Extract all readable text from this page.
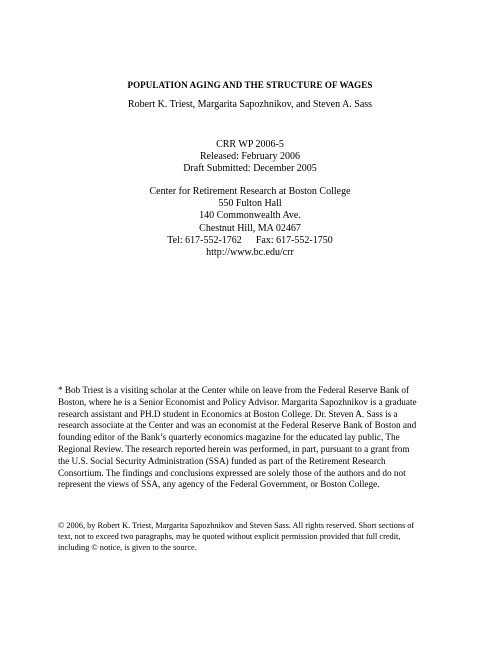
POPULATION AGING AND THE STRUCTURE OF WAGES
Robert K. Triest, Margarita Sapozhnikov, and Steven A. Sass
CRR WP 2006-5
Released: February 2006
Draft Submitted: December 2005
Center for Retirement Research at Boston College
550 Fulton Hall
140 Commonwealth Ave.
Chestnut Hill, MA 02467
Tel: 617-552-1762 Fax: 617-552-1750
http://www.bc.edu/crr
* Bob Triest is a visiting scholar at the Center while on leave from the Federal Reserve Bank of
Boston, where he is a Senior Economist and Policy Advisor. Margarita Sapozhnikov is a graduate
research assistant and PH.D student in Economics at Boston College. Dr. Steven A. Sass is a
research associate at the Center and was an economist at the Federal Reserve Bank of Boston and
founding editor of the Bank’s quarterly economics magazine for the educated lay public, The
Regional Review. The research reported herein was performed, in part, pursuant to a grant from
the U.S. Social Security Administration (SSA) funded as part of the Retirement Research
Consortium. The findings and conclusions expressed are solely those of the authors and do not
represent the views of SSA, any agency of the Federal Government, or Boston College.
© 2006, by Robert K. Triest, Margarita Sapozhnikov and Steven Sass. All rights reserved. Short sections of
text, not to exceed two paragraphs, may be quoted without explicit permission provided that full credit,
including © notice, is given to the source.
